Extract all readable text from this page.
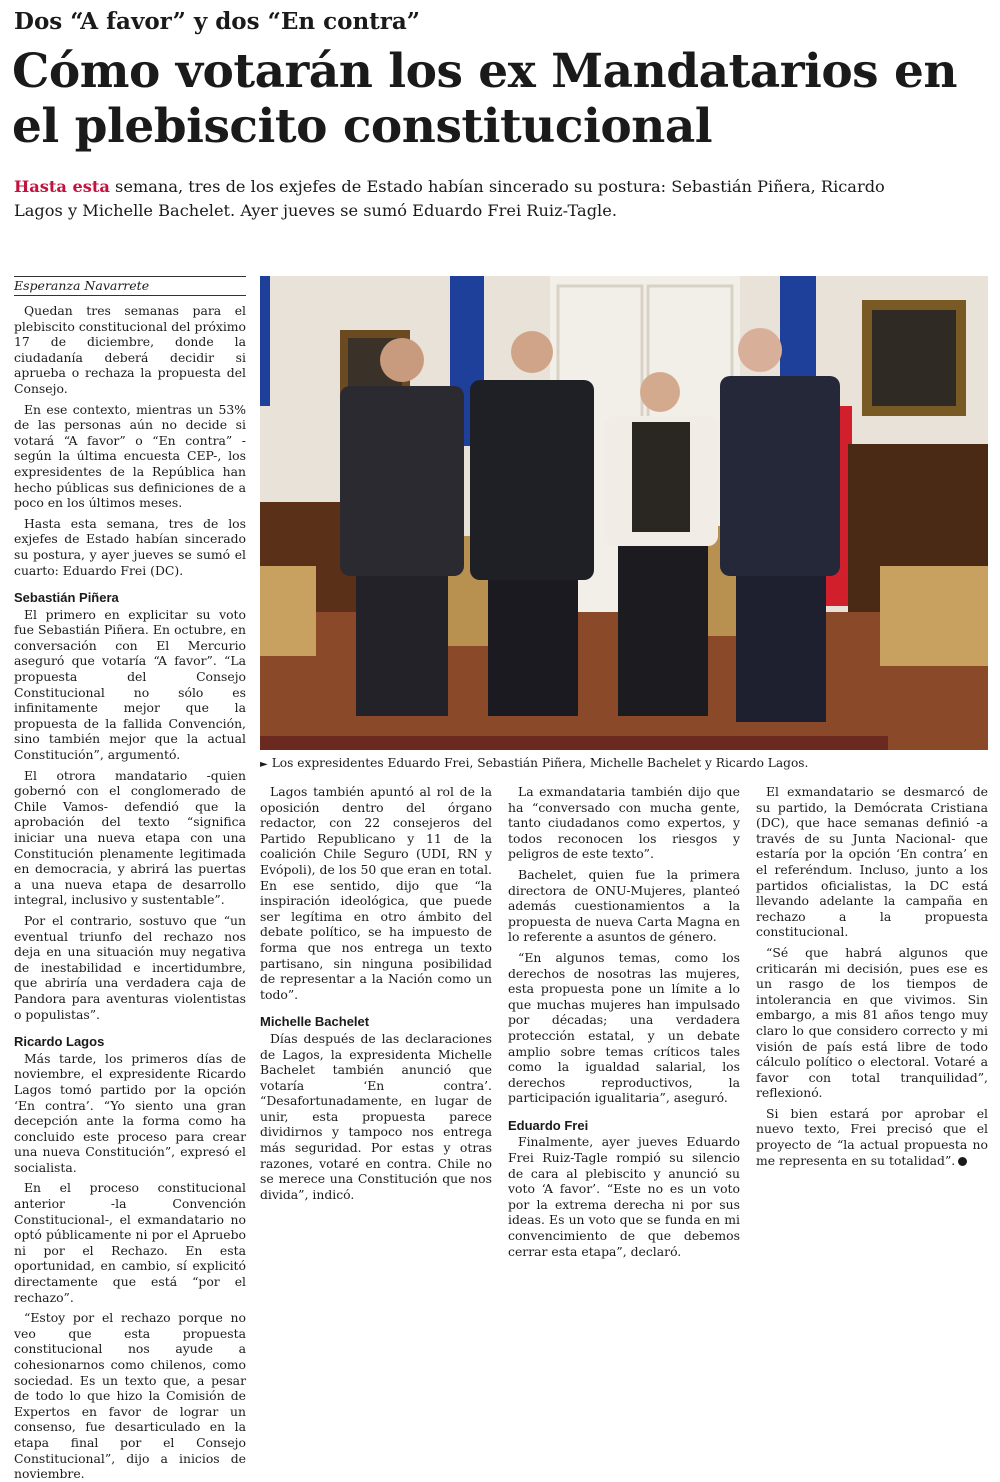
Dos “A favor” y dos “En contra”
Cómo votarán los ex Mandatarios en el plebiscito constitucional

Hasta esta semana, tres de los exjefes de Estado habían sincerado su postura: Sebastián Piñera, Ricardo Lagos y Michelle Bachelet. Ayer jueves se sumó Eduardo Frei Ruiz-Tagle.

Esperanza Navarrete

Quedan tres semanas para el plebiscito constitucional del próximo 17 de diciembre, donde la ciudadanía deberá decidir si aprueba o rechaza la propuesta del Consejo.

En ese contexto, mientras un 53% de las personas aún no decide si votará “A favor” o “En contra” -según la última encuesta CEP-, los expresidentes de la República han hecho públicas sus definiciones de a poco en los últimos meses.

Hasta esta semana, tres de los exjefes de Estado habían sincerado su postura, y ayer jueves se sumó el cuarto: Eduardo Frei (DC).

Sebastián Piñera

El primero en explicitar su voto fue Sebastián Piñera. En octubre, en conversación con El Mercurio aseguró que votaría “A favor”. “La propuesta del Consejo Constitucional no sólo es infinitamente mejor que la propuesta de la fallida Convención, sino también mejor que la actual Constitución”, argumentó.

El otrora mandatario -quien gobernó con el conglomerado de Chile Vamos- defendió que la aprobación del texto “significa iniciar una nueva etapa con una Constitución plenamente legitimada en democracia, y abrirá las puertas a una nueva etapa de desarrollo integral, inclusivo y sustentable”.

Por el contrario, sostuvo que “un eventual triunfo del rechazo nos deja en una situación muy negativa de inestabilidad e incertidumbre, que abriría una verdadera caja de Pandora para aventuras violentistas o populistas”.

Ricardo Lagos

Más tarde, los primeros días de noviembre, el expresidente Ricardo Lagos tomó partido por la opción ‘En contra’. “Yo siento una gran decepción ante la forma como ha concluido este proceso para crear una nueva Constitución”, expresó el socialista.

En el proceso constitucional anterior -la Convención Constitucional-, el exmandatario no optó públicamente ni por el Apruebo ni por el Rechazo. En esta oportunidad, en cambio, sí explicitó directamente que está “por el rechazo”.

“Estoy por el rechazo porque no veo que esta propuesta constitucional nos ayude a cohesionarnos como chilenos, como sociedad. Es un texto que, a pesar de todo lo que hizo la Comisión de Expertos en favor de lograr un consenso, fue desarticulado en la etapa final por el Consejo Constitucional”, dijo a inicios de noviembre.

► Los expresidentes Eduardo Frei, Sebastián Piñera, Michelle Bachelet y Ricardo Lagos.

Lagos también apuntó al rol de la oposición dentro del órgano redactor, con 22 consejeros del Partido Republicano y 11 de la coalición Chile Seguro (UDI, RN y Evópoli), de los 50 que eran en total. En ese sentido, dijo que “la inspiración ideológica, que puede ser legítima en otro ámbito del debate político, se ha impuesto de forma que nos entrega un texto partisano, sin ninguna posibilidad de representar a la Nación como un todo”.

Michelle Bachelet

Días después de las declaraciones de Lagos, la expresidenta Michelle Bachelet también anunció que votaría ‘En contra’. “Desafortunadamente, en lugar de unir, esta propuesta parece dividirnos y tampoco nos entrega más seguridad. Por estas y otras razones, votaré en contra. Chile no se merece una Constitución que nos divida”, indicó.

La exmandataria también dijo que ha “conversado con mucha gente, tanto ciudadanos como expertos, y todos reconocen los riesgos y peligros de este texto”.

Bachelet, quien fue la primera directora de ONU-Mujeres, planteó además cuestionamientos a la propuesta de nueva Carta Magna en lo referente a asuntos de género.

“En algunos temas, como los derechos de nosotras las mujeres, esta propuesta pone un límite a lo que muchas mujeres han impulsado por décadas; una verdadera protección estatal, y un debate amplio sobre temas críticos tales como la igualdad salarial, los derechos reproductivos, la participación igualitaria”, aseguró.

Eduardo Frei

Finalmente, ayer jueves Eduardo Frei Ruiz-Tagle rompió su silencio de cara al plebiscito y anunció su voto ‘A favor’. “Este no es un voto por la extrema derecha ni por sus ideas. Es un voto que se funda en mi convencimiento de que debemos cerrar esta etapa”, declaró.

El exmandatario se desmarcó de su partido, la Demócrata Cristiana (DC), que hace semanas definió -a través de su Junta Nacional- que estaría por la opción ‘En contra’ en el referéndum. Incluso, junto a los partidos oficialistas, la DC está llevando adelante la campaña en rechazo a la propuesta constitucional.

“Sé que habrá algunos que criticarán mi decisión, pues ese es un rasgo de los tiempos de intolerancia en que vivimos. Sin embargo, a mis 81 años tengo muy claro lo que considero correcto y mi visión de país está libre de todo cálculo político o electoral. Votaré a favor con total tranquilidad”, reflexionó.

Si bien estará por aprobar el nuevo texto, Frei precisó que el proyecto de “la actual propuesta no me representa en su totalidad”.
